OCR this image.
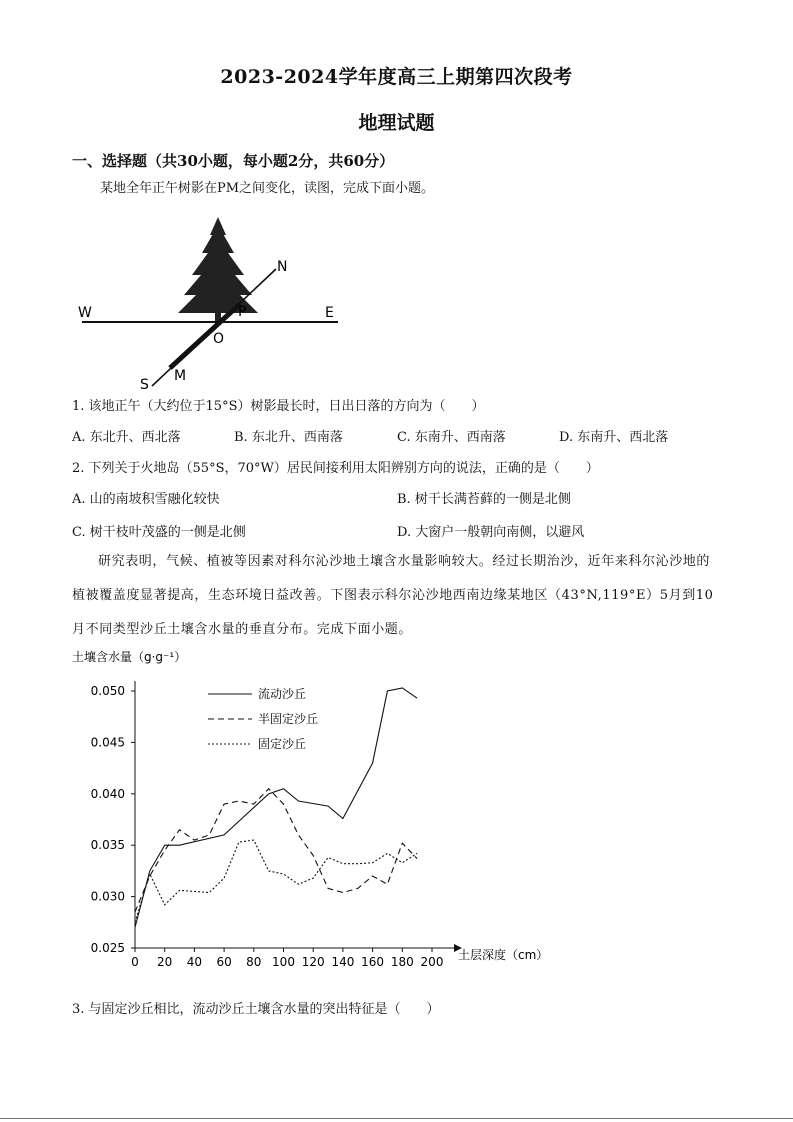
2023-2024学年度高三上期第四次段考
地理试题
一、选择题（共30小题，每小题2分，共60分）
某地全年正午树影在PM之间变化，读图，完成下面小题。
W	E
N
S
P
O
M
1. 该地正午（大约位于15°S）树影最长时，日出日落的方向为（　　）
A. 东北升、西北落	B. 东北升、西南落	C. 东南升、西南落	D. 东南升、西北落
2. 下列关于火地岛（55°S，70°W）居民间接利用太阳辨别方向的说法，正确的是（　　）
A. 山的南坡积雪融化较快	B. 树干长满苔藓的一侧是北侧
C. 树干枝叶茂盛的一侧是北侧	D. 大窗户一般朝向南侧，以避风
研究表明，气候、植被等因素对科尔沁沙地土壤含水量影响较大。经过长期治沙，近年来科尔沁沙地的植被覆盖度显著提高，生态环境日益改善。下图表示科尔沁沙地西南边缘某地区（43°N,119°E）5月到10月不同类型沙丘土壤含水量的垂直分布。完成下面小题。
土壤含水量（g·g⁻¹）
土层深度（cm）
0.025
0.030
0.035
0.040
0.045
0.050
0 20 40 60 80 100 120 140 160 180 200
流动沙丘
半固定沙丘
固定沙丘
3. 与固定沙丘相比，流动沙丘土壤含水量的突出特征是（　　）
